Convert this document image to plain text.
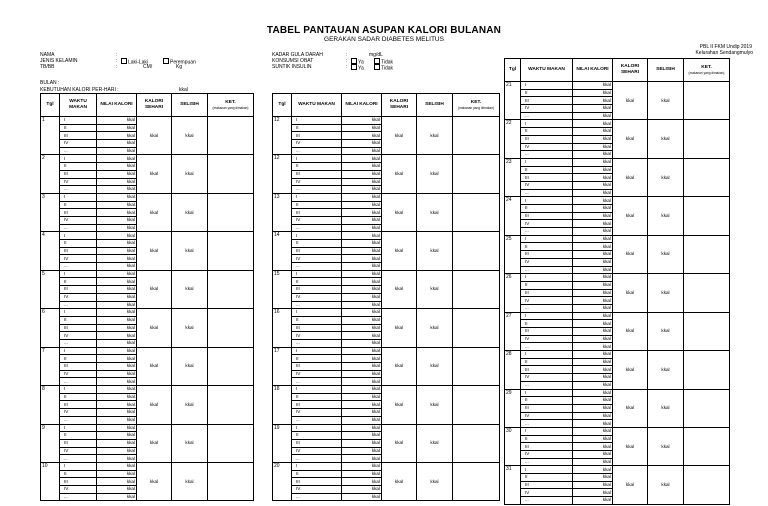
TABEL PANTAUAN ASUPAN KALORI BULANAN
GERAKAN SADAR DIABETES MELITUS
PBL II FKM Undip 2019
Kelurahan Sendangmulyo
NAMA	:
JENIS KELAMIN	:	Laki-Laki	Perempuan
TB/BB	:	CM/	Kg
KADAR GULA DARAH	:	mg/dL
KONSUMSI OBAT	:	Ya	Tidak
SUNTIK INSULIN	:	Ya	Tidak
BULAN :
KEBUTUHAN KALORI PER-HARI :	kkal
Tgl	WAKTU MAKAN	NILAI KALORI	KALORI SEHARI	SELISIH	KET.
(makanan yang dimakan)

1	I	kkal	kkal	kkal	
	II	kkal			
	III	kkal			
	IV	kkal			
	...	kkal			
2	I	kkal	kkal	kkal	
	II	kkal			
	III	kkal			
	IV	kkal			
	...	kkal			
3	I	kkal	kkal	kkal	
	II	kkal			
	III	kkal			
	IV	kkal			
	...	kkal			
4	I	kkal	kkal	kkal	
	II	kkal			
	III	kkal			
	IV	kkal			
	...	kkal			
5	I	kkal	kkal	kkal	
	II	kkal			
	III	kkal			
	IV	kkal			
	...	kkal			
6	I	kkal	kkal	kkal	
	II	kkal			
	III	kkal			
	IV	kkal			
	...	kkal			
7	I	kkal	kkal	kkal	
	II	kkal			
	III	kkal			
	IV	kkal			
	...	kkal			
8	I	kkal	kkal	kkal	
	II	kkal			
	III	kkal			
	IV	kkal			
	...	kkal			
9	I	kkal	kkal	kkal	
	II	kkal			
	III	kkal			
	IV	kkal			
	...	kkal			
10	I	kkal	kkal	kkal	
	II	kkal			
	III	kkal			
	IV	kkal			
	...	kkal			
Tgl	WAKTU MAKAN	NILAI KALORI	KALORI SEHARI	SELISIH	KET.
(makanan yang dimakan)

12	I	kkal	kkal	kkal	
	II	kkal			
	III	kkal			
	IV	kkal			
	...	kkal			
12	I	kkal	kkal	kkal	
	II	kkal			
	III	kkal			
	IV	kkal			
	...	kkal			
13	I	kkal	kkal	kkal	
	II	kkal			
	III	kkal			
	IV	kkal			
	...	kkal			
14	I	kkal	kkal	kkal	
	II	kkal			
	III	kkal			
	IV	kkal			
	...	kkal			
15	I	kkal	kkal	kkal	
	II	kkal			
	III	kkal			
	IV	kkal			
	...	kkal			
16	I	kkal	kkal	kkal	
	II	kkal			
	III	kkal			
	IV	kkal			
	...	kkal			
17	I	kkal	kkal	kkal	
	II	kkal			
	III	kkal			
	IV	kkal			
	...	kkal			
18	I	kkal	kkal	kkal	
	II	kkal			
	III	kkal			
	IV	kkal			
	...	kkal			
19	I	kkal	kkal	kkal	
	II	kkal			
	III	kkal			
	IV	kkal			
	...	kkal			
20	I	kkal	kkal	kkal	
	II	kkal			
	III	kkal			
	IV	kkal			
	...	kkal			
Tgl	WAKTU MAKAN	NILAI KALORI	KALORI SEHARI	SELISIH	KET.
(makanan yang dimakan)

21	I	kkal	kkal	kkal	
	II	kkal			
	III	kkal			
	IV	kkal			
	...	kkal			
22	I	kkal	kkal	kkal	
	II	kkal			
	III	kkal			
	IV	kkal			
	...	kkal			
23	I	kkal	kkal	kkal	
	II	kkal			
	III	kkal			
	IV	kkal			
	...	kkal			
24	I	kkal	kkal	kkal	
	II	kkal			
	III	kkal			
	IV	kkal			
	...	kkal			
25	I	kkal	kkal	kkal	
	II	kkal			
	III	kkal			
	IV	kkal			
	...	kkal			
26	I	kkal	kkal	kkal	
	II	kkal			
	III	kkal			
	IV	kkal			
	...	kkal			
27	I	kkal	kkal	kkal	
	II	kkal			
	III	kkal			
	IV	kkal			
	...	kkal			
28	I	kkal	kkal	kkal	
	II	kkal			
	III	kkal			
	IV	kkal			
	...	kkal			
29	I	kkal	kkal	kkal	
	II	kkal			
	III	kkal			
	IV	kkal			
	...	kkal			
30	I	kkal	kkal	kkal	
	II	kkal			
	III	kkal			
	IV	kkal			
	...	kkal			
31	I	kkal	kkal	kkal	
	II	kkal			
	III	kkal			
	IV	kkal			
	...	kkal			
